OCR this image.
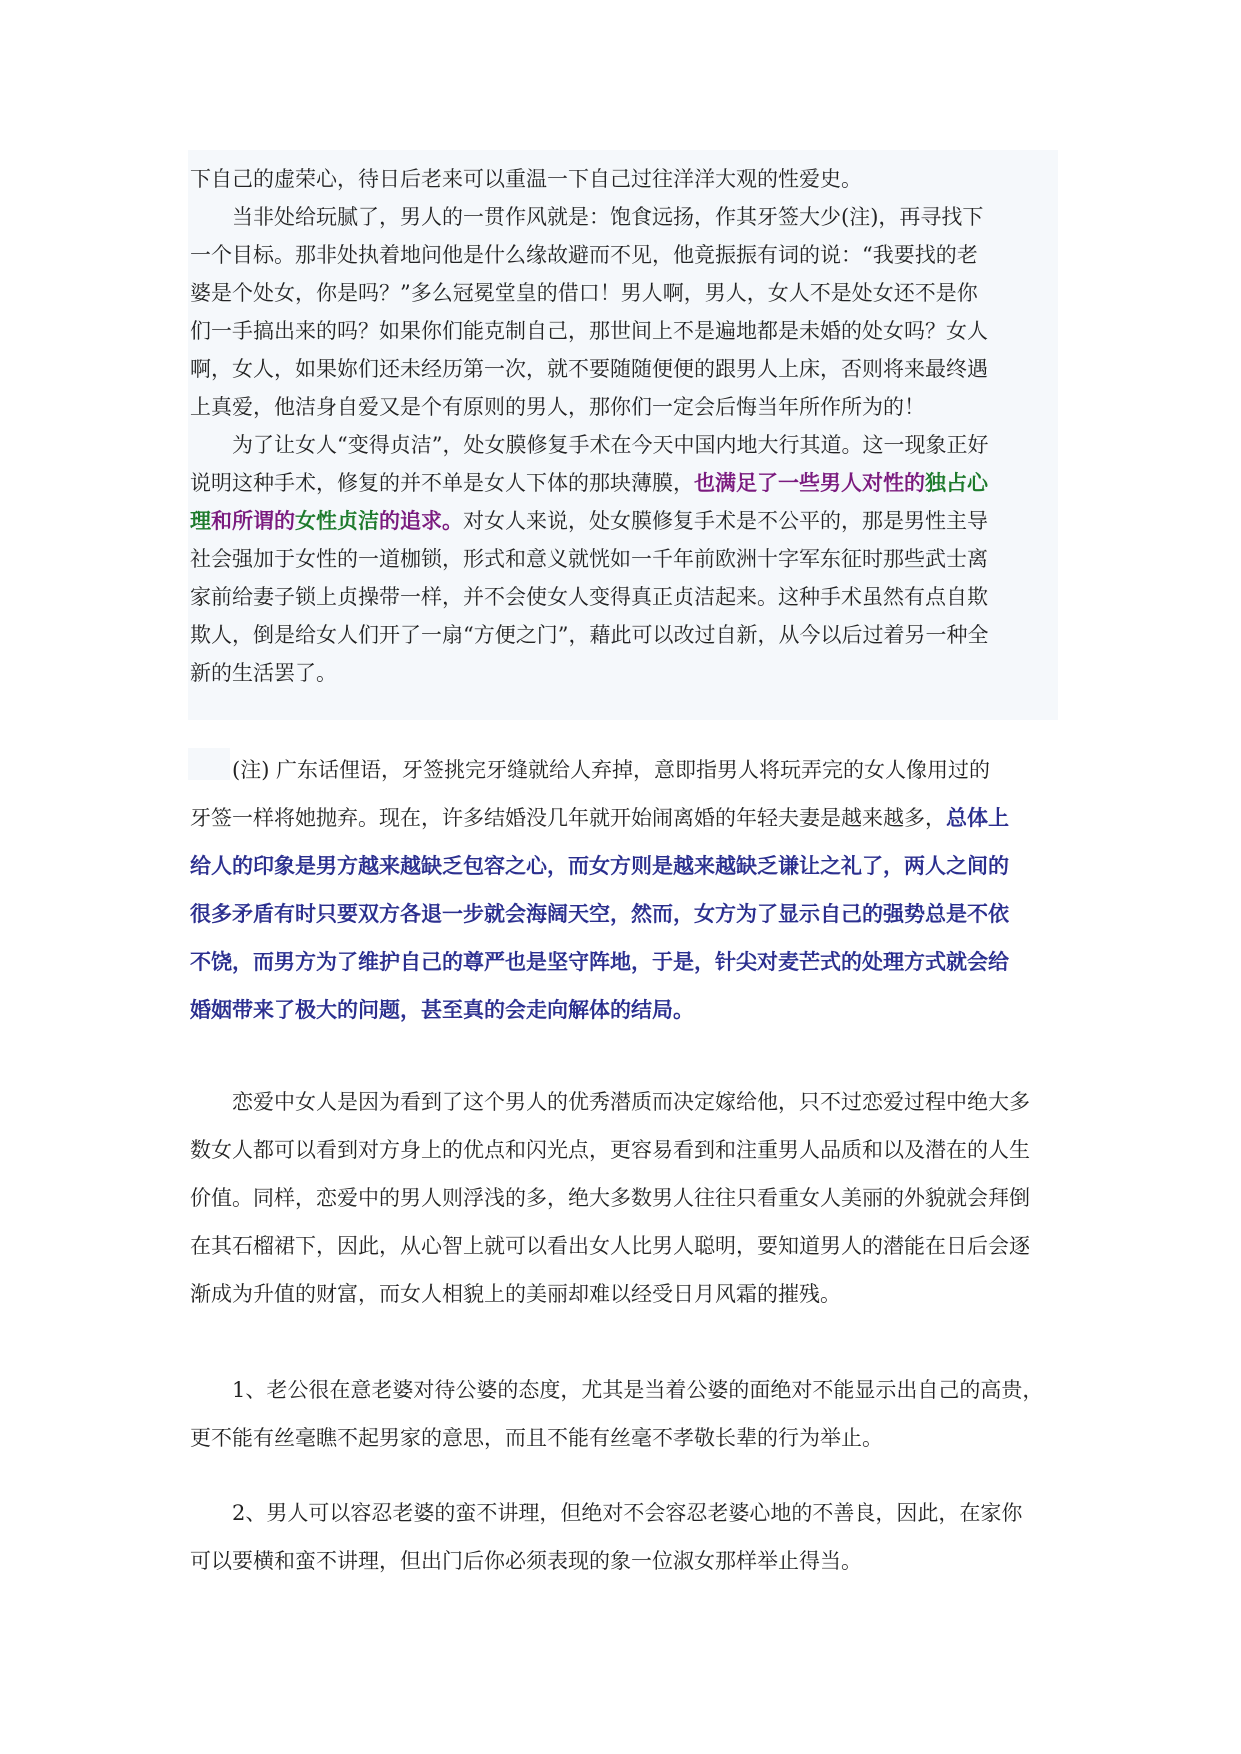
下自己的虚荣心，待日后老来可以重温一下自己过往洋洋大观的性爱史。
当非处给玩腻了，男人的一贯作风就是：饱食远扬，作其牙签大少(注)，再寻找下
一个目标。那非处执着地问他是什么缘故避而不见，他竟振振有词的说：“我要找的老
婆是个处女，你是吗？”多么冠冕堂皇的借口！男人啊，男人，女人不是处女还不是你
们一手搞出来的吗？如果你们能克制自己，那世间上不是遍地都是未婚的处女吗？女人
啊，女人，如果妳们还未经历第一次，就不要随随便便的跟男人上床，否则将来最终遇
上真爱，他洁身自爱又是个有原则的男人，那你们一定会后悔当年所作所为的！
为了让女人“变得贞洁”，处女膜修复手术在今天中国内地大行其道。这一现象正好
说明这种手术，修复的并不单是女人下体的那块薄膜，也满足了一些男人对性的独占心
理和所谓的女性贞洁的追求。对女人来说，处女膜修复手术是不公平的，那是男性主导
社会强加于女性的一道枷锁，形式和意义就恍如一千年前欧洲十字军东征时那些武士离
家前给妻子锁上贞操带一样，并不会使女人变得真正贞洁起来。这种手术虽然有点自欺
欺人，倒是给女人们开了一扇“方便之门”，藉此可以改过自新，从今以后过着另一种全
新的生活罢了。
(注) 广东话俚语，牙签挑完牙缝就给人弃掉，意即指男人将玩弄完的女人像用过的
牙签一样将她抛弃。现在，许多结婚没几年就开始闹离婚的年轻夫妻是越来越多，总体上
给人的印象是男方越来越缺乏包容之心，而女方则是越来越缺乏谦让之礼了，两人之间的
很多矛盾有时只要双方各退一步就会海阔天空，然而，女方为了显示自己的强势总是不依
不饶，而男方为了维护自己的尊严也是坚守阵地，于是，针尖对麦芒式的处理方式就会给
婚姻带来了极大的问题，甚至真的会走向解体的结局。
恋爱中女人是因为看到了这个男人的优秀潜质而决定嫁给他，只不过恋爱过程中绝大多
数女人都可以看到对方身上的优点和闪光点，更容易看到和注重男人品质和以及潜在的人生
价值。同样，恋爱中的男人则浮浅的多，绝大多数男人往往只看重女人美丽的外貌就会拜倒
在其石榴裙下，因此，从心智上就可以看出女人比男人聪明，要知道男人的潜能在日后会逐
渐成为升值的财富，而女人相貌上的美丽却难以经受日月风霜的摧残。
1、老公很在意老婆对待公婆的态度，尤其是当着公婆的面绝对不能显示出自己的高贵，
更不能有丝毫瞧不起男家的意思，而且不能有丝毫不孝敬长辈的行为举止。
2、男人可以容忍老婆的蛮不讲理，但绝对不会容忍老婆心地的不善良，因此，在家你
可以要横和蛮不讲理，但出门后你必须表现的象一位淑女那样举止得当。
